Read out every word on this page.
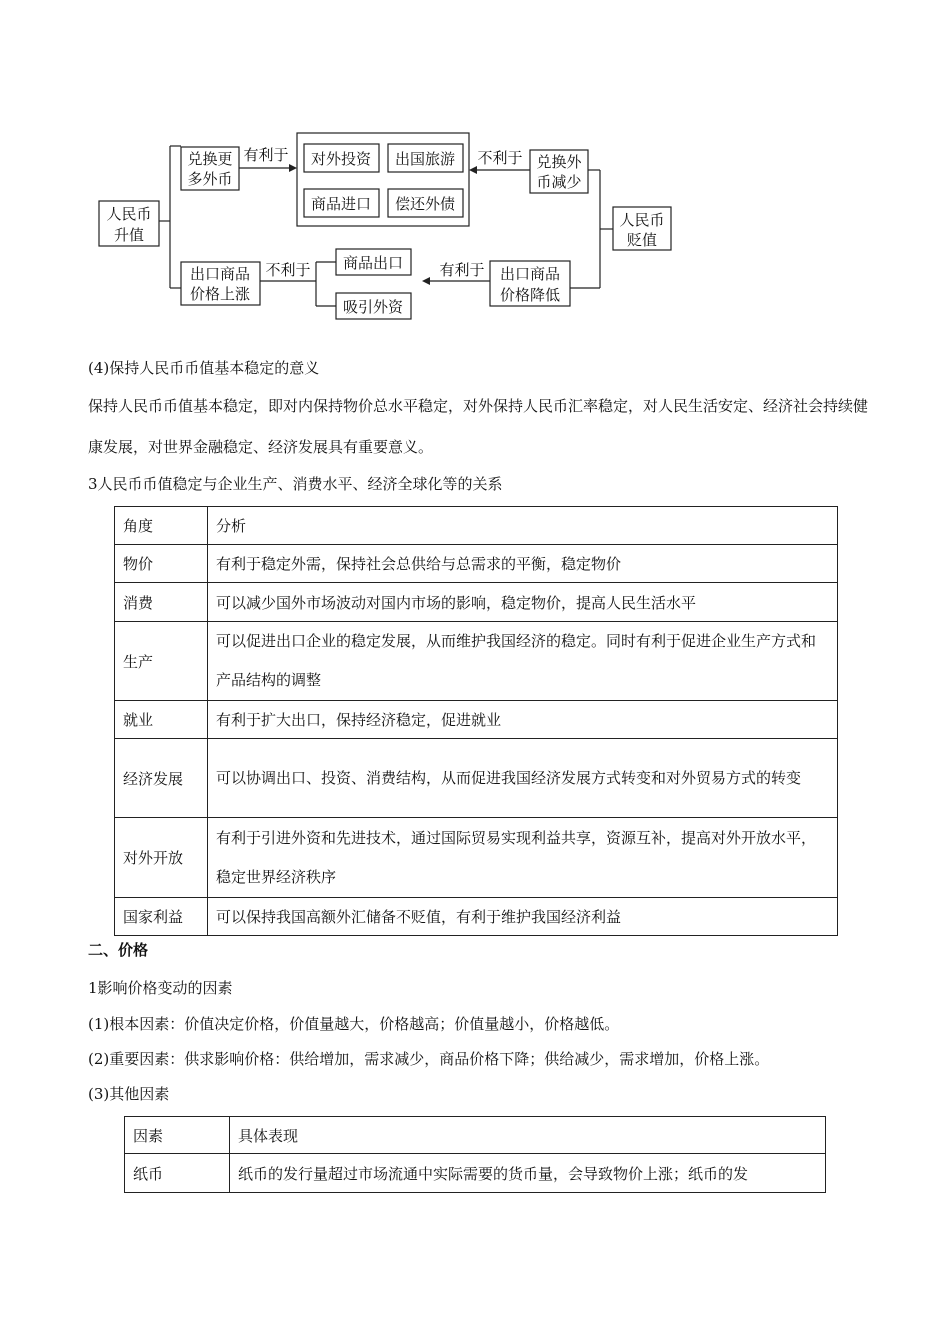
人民币
升值
兑换更
多外币
有利于 对外投资 出国旅游
商品进口 偿还外债
不利于 兑换外
币减少
人民币
贬值
出口商品
价格上涨
不利于 商品出口
吸引外资
有利于 出口商品
价格降低
(4)保持人民币币值基本稳定的意义
保持人民币币值基本稳定，即对内保持物价总水平稳定，对外保持人民币汇率稳定，对人民生活安定、经济社会持续健康发展，对世界金融稳定、经济发展具有重要意义。
3人民币币值稳定与企业生产、消费水平、经济全球化等的关系
角度	分析
物价	有利于稳定外需，保持社会总供给与总需求的平衡，稳定物价
消费	可以减少国外市场波动对国内市场的影响，稳定物价，提高人民生活水平
生产	可以促进出口企业的稳定发展，从而维护我国经济的稳定。同时有利于促进企业生产方式和产品结构的调整
就业	有利于扩大出口，保持经济稳定，促进就业
经济发展	可以协调出口、投资、消费结构，从而促进我国经济发展方式转变和对外贸易方式的转变
对外开放	有利于引进外资和先进技术，通过国际贸易实现利益共享，资源互补，提高对外开放水平，稳定世界经济秩序
国家利益	可以保持我国高额外汇储备不贬值，有利于维护我国经济利益
二、价格
1影响价格变动的因素
(1)根本因素：价值决定价格，价值量越大，价格越高；价值量越小，价格越低。
(2)重要因素：供求影响价格：供给增加，需求减少，商品价格下降；供给减少，需求增加，价格上涨。
(3)其他因素
因素	具体表现
纸币	纸币的发行量超过市场流通中实际需要的货币量，会导致物价上涨；纸币的发
